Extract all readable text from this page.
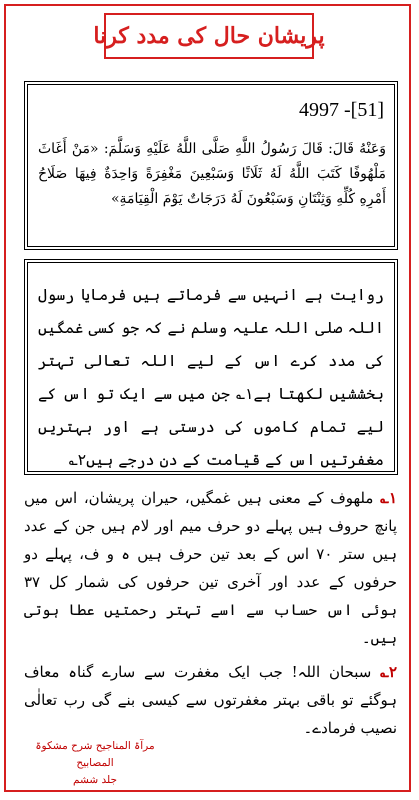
پریشان حال کی مدد کرنا
4997 -[51]
وَعَنْهُ قَالَ: قَالَ رَسُولُ اللَّهِ صَلَّى اللَّهُ عَلَيْهِ وَسَلَّمَ: «مَنْ أَغَاثَ مَلْهُوفًا كَتَبَ اللَّهُ لَهُ ثَلَاثًا وَسَبْعِينَ مَغْفِرَةً وَاحِدَةٌ فِيهَا صَلَاحُ أَمْرِهِ كُلِّهِ وَثِنْتَانِ وَسَبْعُونَ لَهُ دَرَجَاتٌ يَوْمَ الْقِيَامَةِ»
روایت ہے انہیں سے فرماتے ہیں فرمایا رسول اللہ صلی اللہ علیہ وسلم نے کہ جو کسی غمگیں کی مدد کرے اس کے لیے اللہ تعالی تہتر بخششیں لکھتا ہے۱؎ جن میں سے ایک تو اس کے لیے تمام کاموں کی درستی ہے اور بہتریں مغفرتیں اس کے قیامت کے دن درجے ہیں۲؎

۱؎ ملھوف کے معنی ہیں غمگیں، حیران پریشان، اس میں پانچ حروف ہیں پہلے دو حرف میم اور لام ہیں جن کے عدد ہیں ستر ۷۰ اس کے بعد تین حرف ہیں ہ و ف، پہلے دو حرفوں کے عدد اور آخری تین حرفوں کی شمار کل ۳۷ ہوئی اس حساب سے اسے تہتر رحمتیں عطا ہوتی ہیں۔

۲؎ سبحان اللہ! جب ایک مغفرت سے سارے گناہ معاف ہوگئے تو باقی بہتر مغفرتوں سے کیسی بنے گی رب تعالٰی نصیب فرمادے۔

مرآۃ المناجیح شرح مشکوۃ المصابیح
جلد ششم
